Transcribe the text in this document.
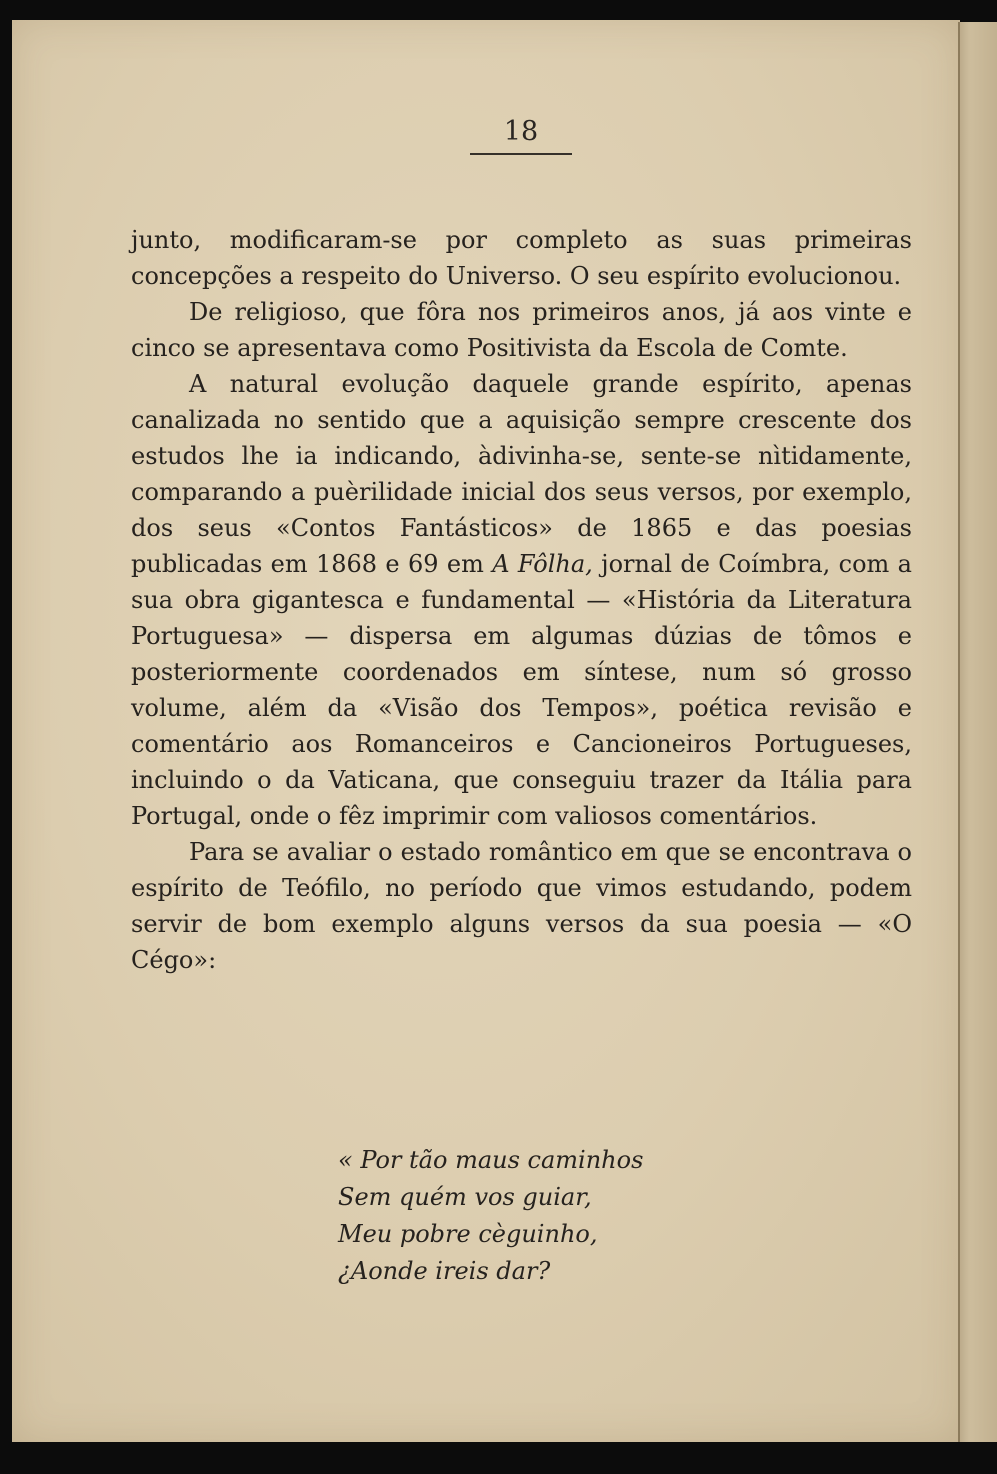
18

junto, modificaram-se por completo as suas primeiras concepções a respeito do Universo. O seu espírito evolucionou.

De religioso, que fôra nos primeiros anos, já aos vinte e cinco se apresentava como Positivista da Escola de Comte.

A natural evolução daquele grande espírito, apenas canalizada no sentido que a aquisição sempre crescente dos estudos lhe ia indicando, àdivinha-se, sente-se nìtidamente, comparando a puèrilidade inicial dos seus versos, por exemplo, dos seus «Contos Fantásticos» de 1865 e das poesias publicadas em 1868 e 69 em A Fôlha, jornal de Coímbra, com a sua obra gigantesca e fundamental — «História da Literatura Portuguesa» — dispersa em algumas dúzias de tômos e posteriormente coordenados em síntese, num só grosso volume, além da «Visão dos Tempos», poética revisão e comentário aos Romanceiros e Cancioneiros Portugueses, incluindo o da Vaticana, que conseguiu trazer da Itália para Portugal, onde o fêz imprimir com valiosos comentários.

Para se avaliar o estado romântico em que se encontrava o espírito de Teófilo, no período que vimos estudando, podem servir de bom exemplo alguns versos da sua poesia — «O Cégo»:

« Por tão maus caminhos
Sem quém vos guiar,
Meu pobre cèguinho,
¿Aonde ireis dar?
